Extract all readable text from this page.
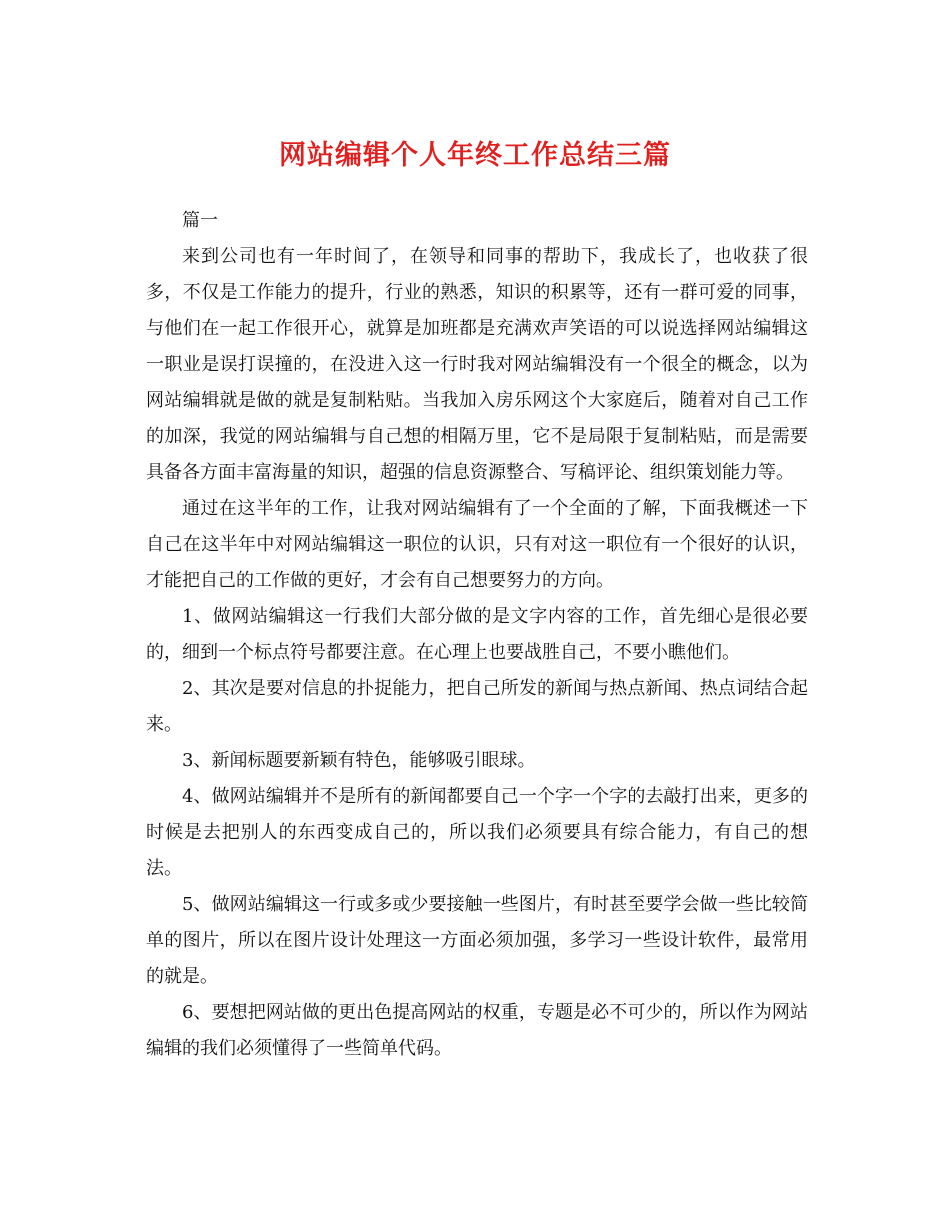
网站编辑个人年终工作总结三篇

篇一

来到公司也有一年时间了，在领导和同事的帮助下，我成长了，也收获了很多，不仅是工作能力的提升，行业的熟悉，知识的积累等，还有一群可爱的同事，与他们在一起工作很开心，就算是加班都是充满欢声笑语的可以说选择网站编辑这一职业是误打误撞的，在没进入这一行时我对网站编辑没有一个很全的概念，以为网站编辑就是做的就是复制粘贴。当我加入房乐网这个大家庭后，随着对自己工作的加深，我觉的网站编辑与自己想的相隔万里，它不是局限于复制粘贴，而是需要具备各方面丰富海量的知识，超强的信息资源整合、写稿评论、组织策划能力等。

通过在这半年的工作，让我对网站编辑有了一个全面的了解，下面我概述一下自己在这半年中对网站编辑这一职位的认识，只有对这一职位有一个很好的认识，才能把自己的工作做的更好，才会有自己想要努力的方向。

1、做网站编辑这一行我们大部分做的是文字内容的工作，首先细心是很必要的，细到一个标点符号都要注意。在心理上也要战胜自己，不要小瞧他们。

2、其次是要对信息的扑捉能力，把自己所发的新闻与热点新闻、热点词结合起来。

3、新闻标题要新颖有特色，能够吸引眼球。

4、做网站编辑并不是所有的新闻都要自己一个字一个字的去敲打出来，更多的时候是去把别人的东西变成自己的，所以我们必须要具有综合能力，有自己的想法。

5、做网站编辑这一行或多或少要接触一些图片，有时甚至要学会做一些比较简单的图片，所以在图片设计处理这一方面必须加强，多学习一些设计软件，最常用的就是。

6、要想把网站做的更出色提高网站的权重，专题是必不可少的，所以作为网站编辑的我们必须懂得了一些简单代码。
